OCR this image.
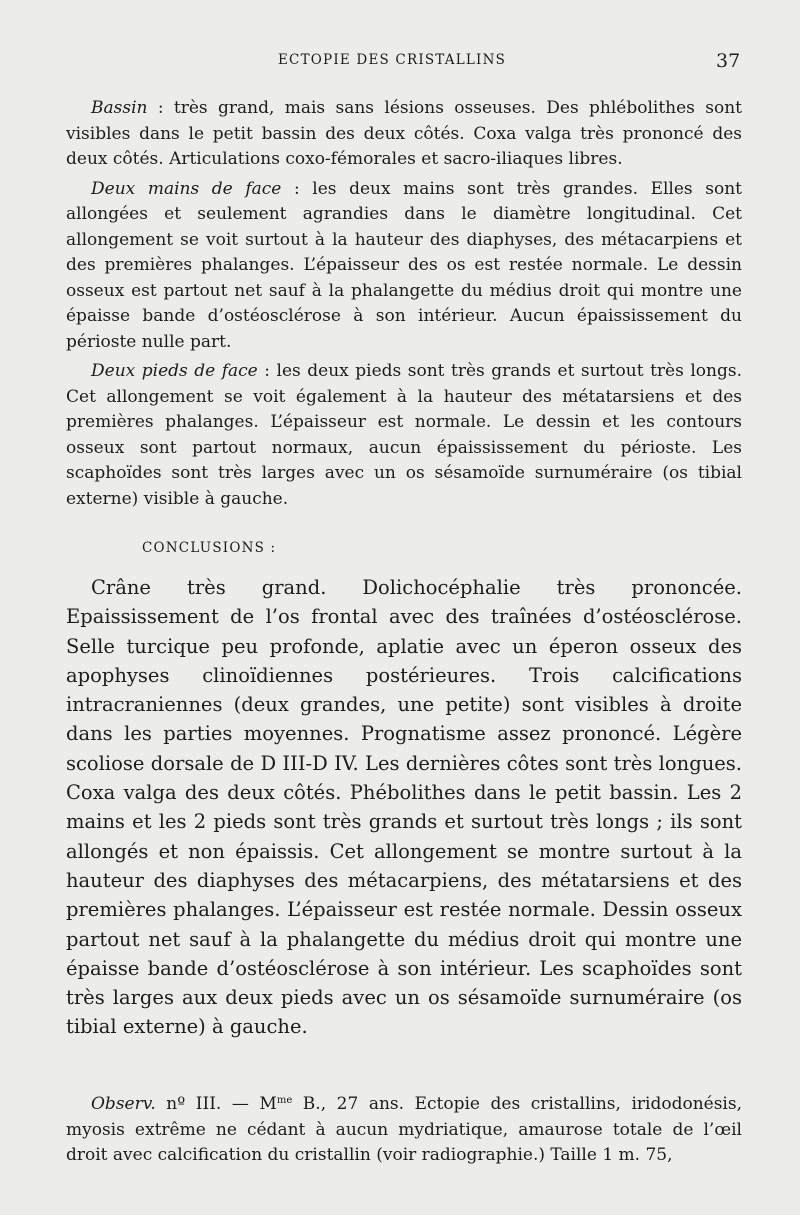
ECTOPIE DES CRISTALLINS	37

Bassin : très grand, mais sans lésions osseuses. Des phlébolithes sont visibles dans le petit bassin des deux côtés. Coxa valga très prononcé des deux côtés. Articulations coxo-fémorales et sacro-iliaques libres.

Deux mains de face : les deux mains sont très grandes. Elles sont allongées et seulement agrandies dans le diamètre longitudinal. Cet allongement se voit surtout à la hauteur des diaphyses, des métacarpiens et des premières phalanges. L’épaisseur des os est restée normale. Le dessin osseux est partout net sauf à la phalangette du médius droit qui montre une épaisse bande d’ostéosclérose à son intérieur. Aucun épaississement du périoste nulle part.

Deux pieds de face : les deux pieds sont très grands et surtout très longs. Cet allongement se voit également à la hauteur des métatarsiens et des premières phalanges. L’épaisseur est normale. Le dessin et les contours osseux sont partout normaux, aucun épaississement du périoste. Les scaphoïdes sont très larges avec un os sésamoïde surnuméraire (os tibial externe) visible à gauche.

CONCLUSIONS :

Crâne très grand. Dolichocéphalie très prononcée. Epaississement de l’os frontal avec des traînées d’ostéosclérose. Selle turcique peu profonde, aplatie avec un éperon osseux des apophyses clinoïdiennes postérieures. Trois calcifications intracraniennes (deux grandes, une petite) sont visibles à droite dans les parties moyennes. Prognatisme assez prononcé. Légère scoliose dorsale de D III-D IV. Les dernières côtes sont très longues. Coxa valga des deux côtés. Phébolithes dans le petit bassin. Les 2 mains et les 2 pieds sont très grands et surtout très longs ; ils sont allongés et non épaissis. Cet allongement se montre surtout à la hauteur des diaphyses des métacarpiens, des métatarsiens et des premières phalanges. L’épaisseur est restée normale. Dessin osseux partout net sauf à la phalangette du médius droit qui montre une épaisse bande d’ostéosclérose à son intérieur. Les scaphoïdes sont très larges aux deux pieds avec un os sésamoïde surnuméraire (os tibial externe) à gauche.

Observ. nº III. — $M^{me}$ B., 27 ans. Ectopie des cristallins, iridodonésis, myosis extrême ne cédant à aucun mydriatique, amaurose totale de l’œil droit avec calcification du cristallin (voir radiographie.) Taille 1 m. 75,
